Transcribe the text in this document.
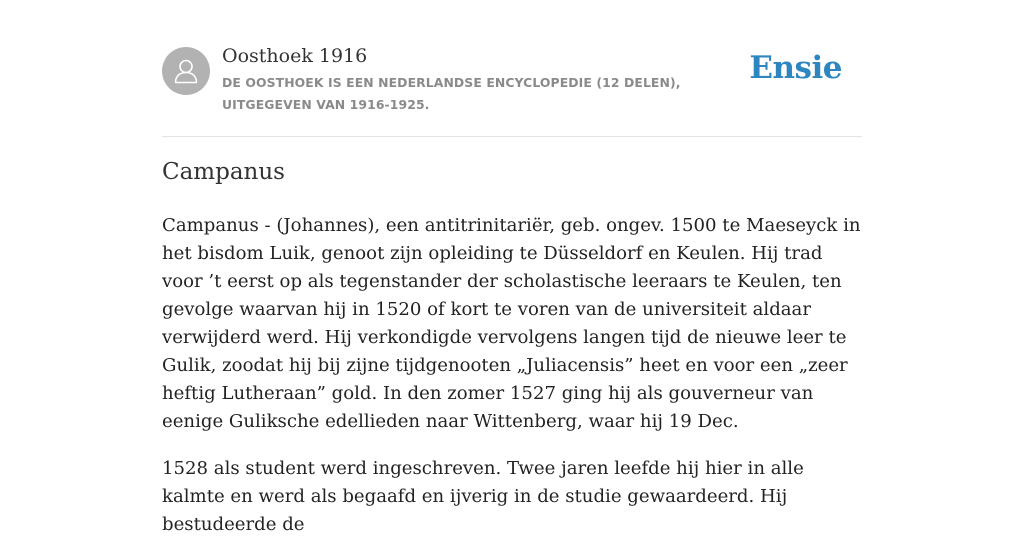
Oosthoek 1916
DE OOSTHOEK IS EEN NEDERLANDSE ENCYCLOPEDIE (12 DELEN), UITGEGEVEN VAN 1916-1925.
Ensie
Campanus

Campanus - (Johannes), een antitrinitariër, geb. ongev. 1500 te Maeseyck in het bisdom Luik, genoot zijn opleiding te Düsseldorf en Keulen. Hij trad voor ’t eerst op als tegenstander der scholastische leeraars te Keulen, ten gevolge waarvan hij in 1520 of kort te voren van de universiteit aldaar verwijderd werd. Hij verkondigde vervolgens langen tijd de nieuwe leer te Gulik, zoodat hij bij zijne tijdgenooten „Juliacensis” heet en voor een „zeer heftig Lutheraan” gold. In den zomer 1527 ging hij als gouverneur van eenige Guliksche edellieden naar Wittenberg, waar hij 19 Dec.

1528 als student werd ingeschreven. Twee jaren leefde hij hier in alle kalmte en werd als begaafd en ijverig in de studie gewaardeerd. Hij bestudeerde de
